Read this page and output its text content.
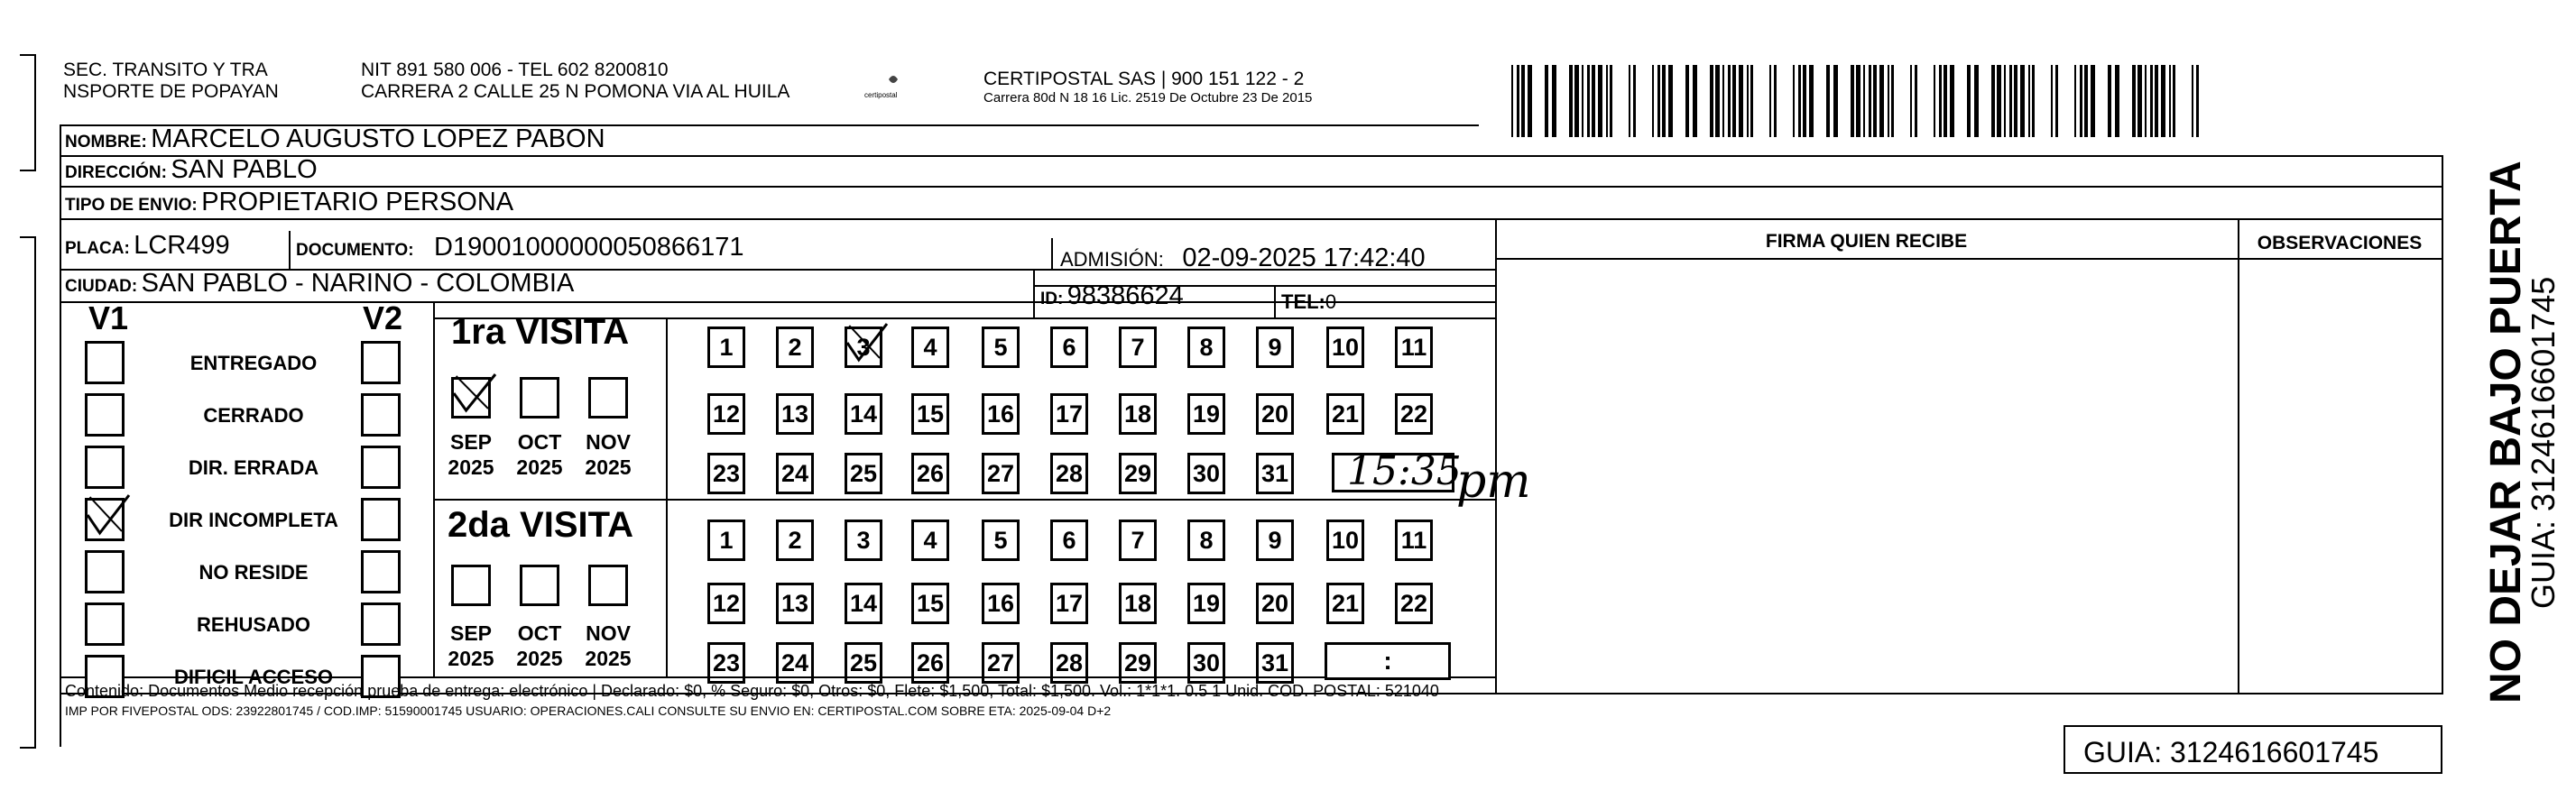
SEC. TRANSITO Y TRA
NSPORTE DE POPAYAN
NIT 891 580 006 - TEL 602 8200810
CARRERA 2 CALLE 25 N POMONA VIA AL HUILA	certipostal
CERTIPOSTAL SAS | 900 151 122 - 2
Carrera 80d N 18 16 Lic. 2519 De Octubre 23 De 2015
NOMBRE: MARCELO AUGUSTO LOPEZ PABON
DIRECCIÓN: SAN PABLO
TIPO DE ENVIO: PROPIETARIO PERSONA
FIRMA QUIEN RECIBE	OBSERVACIONES
PLACA: LCR499	DOCUMENTO: D19001000000050866171	ADMISIÓN: 02-09-2025 17:42:40
CIUDAD: SAN PABLO - NARINO - COLOMBIA
ID: 98386624	TEL:0
V1	V2
ENTREGADO
CERRADO
DIR. ERRADA
DIR INCOMPLETA
NO RESIDE
REHUSADO
DIFICIL ACCESO
1ra VISITA
2da VISITA
SEP
2025
OCT
2025
NOV
2025
SEP
2025
OCT
2025
NOV
2025
1	2	3	4	5	6	7	8	9	10 11
12 13 14 15 16 17 18 19 20 21 22
23 24 25 26 27 28 29 30 31
1	2	3	4	5	6	7	8	9	10 11
12 13 14 15 16 17 18 19 20 21 22
23 24 25 26 27 28 29 30 31
15:35
pm
:
Contenido: Documentos Medio recepción prueba de entrega: electrónico | Declarado: $0, % Seguro: $0, Otros: $0, Flete: $1,500, Total: $1,500. Vol.: 1*1*1. 0.5 1 Unid. COD. POSTAL: 521040
IMP POR FIVEPOSTAL ODS: 23922801745 / COD.IMP: 51590001745 USUARIO: OPERACIONES.CALI CONSULTE SU ENVIO EN: CERTIPOSTAL.COM SOBRE ETA: 2025-09-04 D+2
GUIA: 3124616601745
NO DEJAR BAJO PUERTA
GUIA: 3124616601745
